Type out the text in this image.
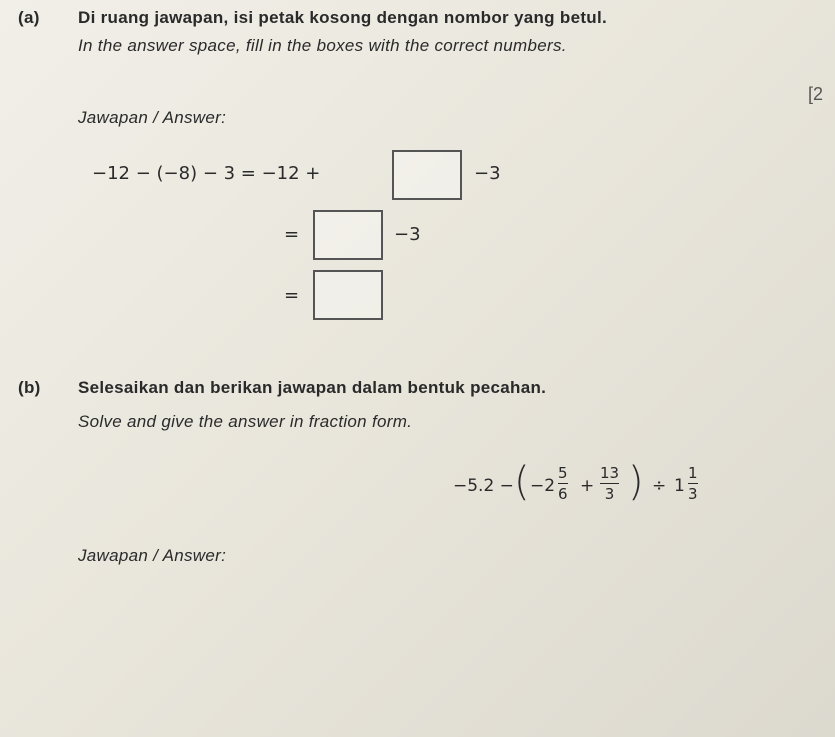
(a) Di ruang jawapan, isi petak kosong dengan nombor yang betul.
In the answer space, fill in the boxes with the correct numbers.
[2
Jawapan / Answer:
−12 − (−8) − 3 = −12 +	−3
=	−3
=
(b) Selesaikan dan berikan jawapan dalam bentuk pecahan.
Solve and give the answer in fraction form.
−5.2 − ( −2
5
6 +
13
3 ) ÷ 1
1
3
Jawapan / Answer:
